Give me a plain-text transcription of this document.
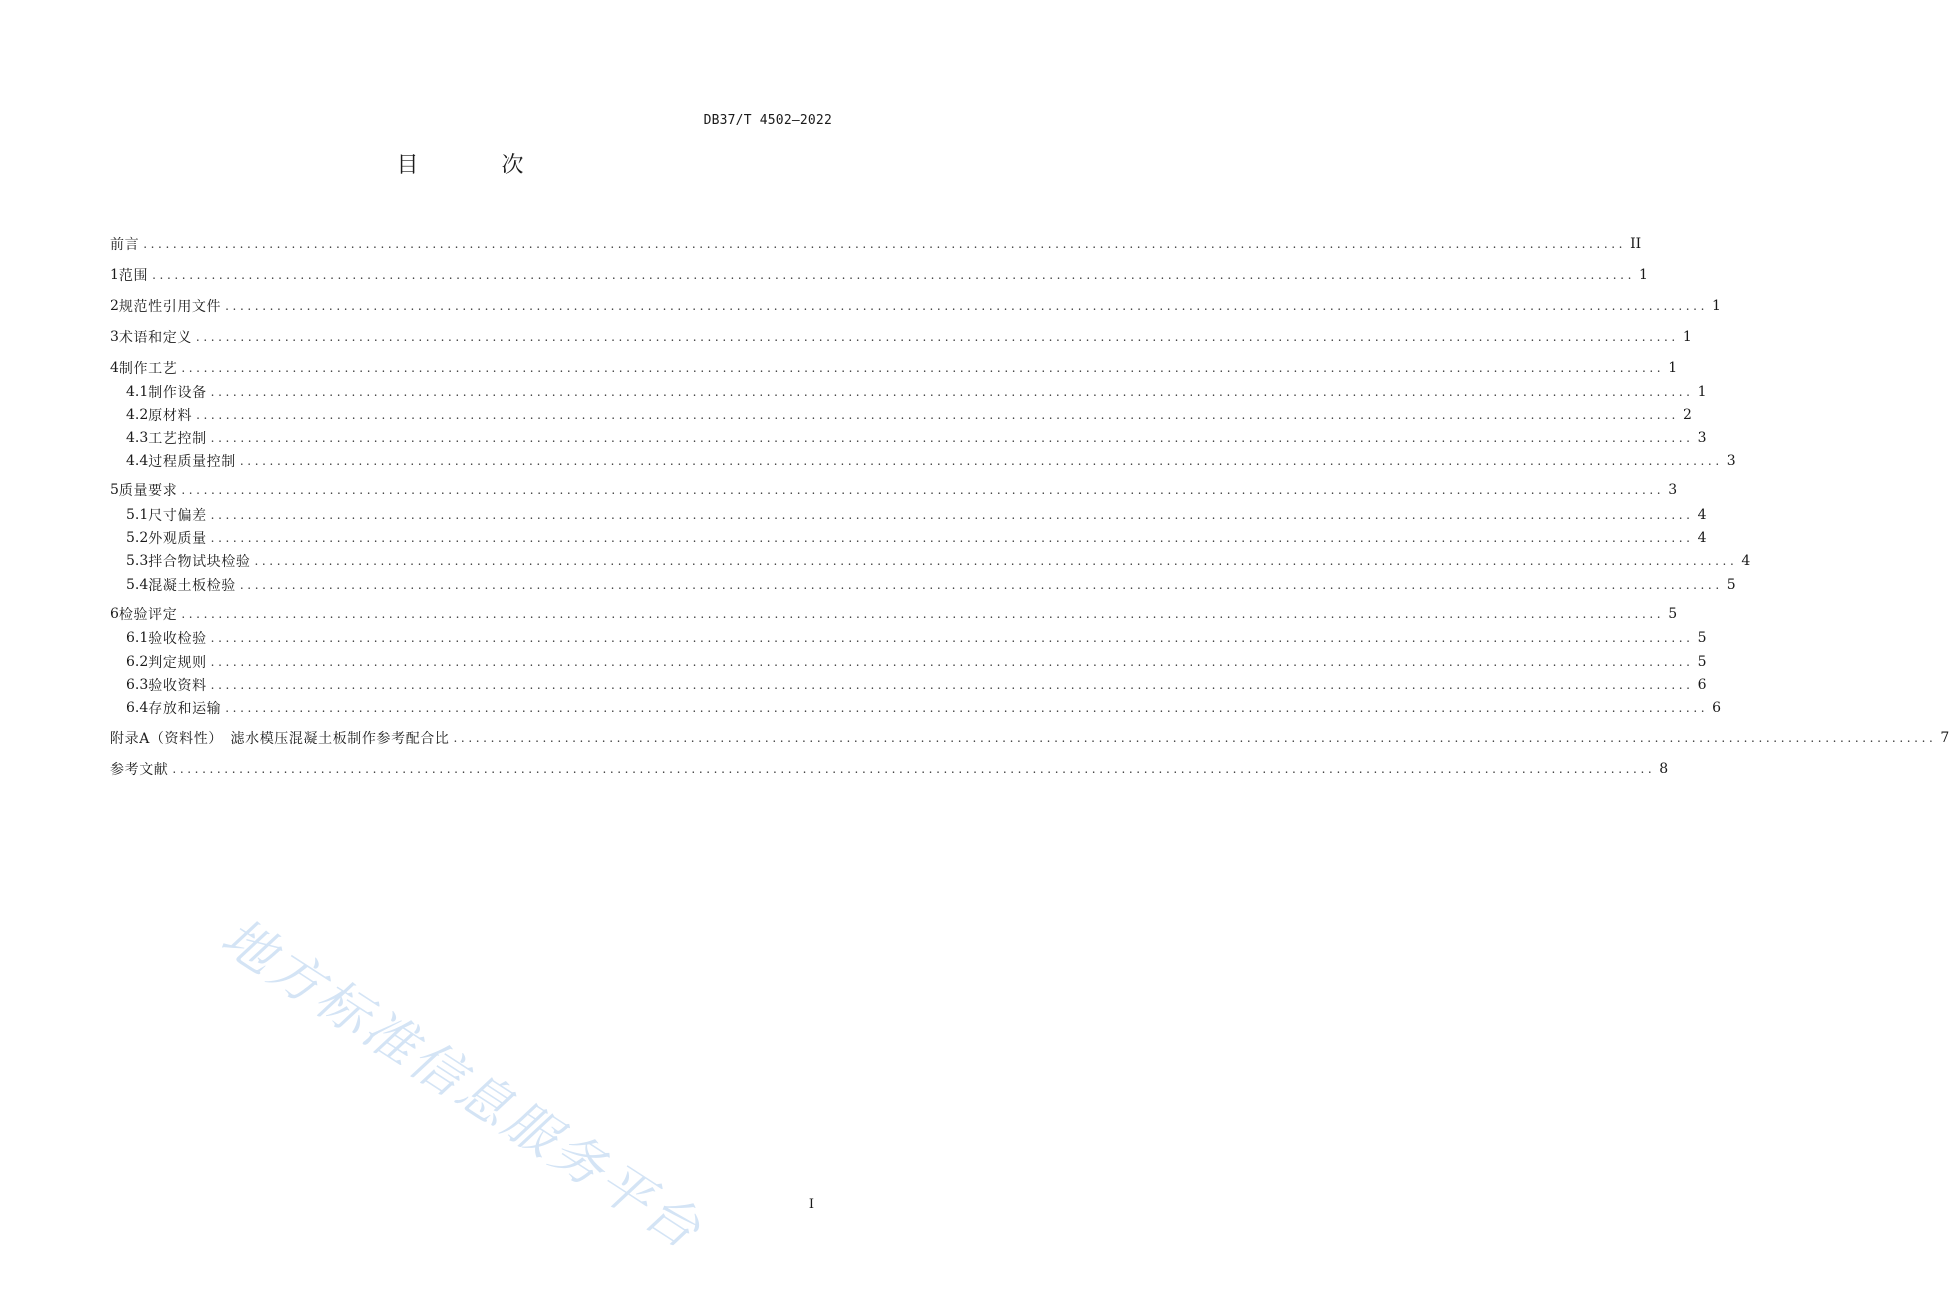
DB37/T 4502—2022
目 次
前言 ........................................................................................................................................................................................................ II
1 范围 ........................................................................................................................................................................................................ 1
2 规范性引用文件 ........................................................................................................................................................................................................ 1
3 术语和定义 ........................................................................................................................................................................................................ 1
4 制作工艺 ........................................................................................................................................................................................................ 1
4.1 制作设备 ........................................................................................................................................................................................................ 1
4.2 原材料 ........................................................................................................................................................................................................ 2
4.3 工艺控制 ........................................................................................................................................................................................................ 3
4.4 过程质量控制 ........................................................................................................................................................................................................ 3
5 质量要求 ........................................................................................................................................................................................................ 3
5.1 尺寸偏差 ........................................................................................................................................................................................................ 4
5.2 外观质量 ........................................................................................................................................................................................................ 4
5.3 拌合物试块检验 ........................................................................................................................................................................................................ 4
5.4 混凝土板检验 ........................................................................................................................................................................................................ 5
6 检验评定 ........................................................................................................................................................................................................ 5
6.1 验收检验 ........................................................................................................................................................................................................ 5
6.2 判定规则 ........................................................................................................................................................................................................ 5
6.3 验收资料 ........................................................................................................................................................................................................ 6
6.4 存放和运输 ........................................................................................................................................................................................................ 6
附录A（资料性）　滤水模压混凝土板制作参考配合比 ........................................................................................................................................................................................................ 7
参考文献 ........................................................................................................................................................................................................ 8
地方标准信息服务平台	I
